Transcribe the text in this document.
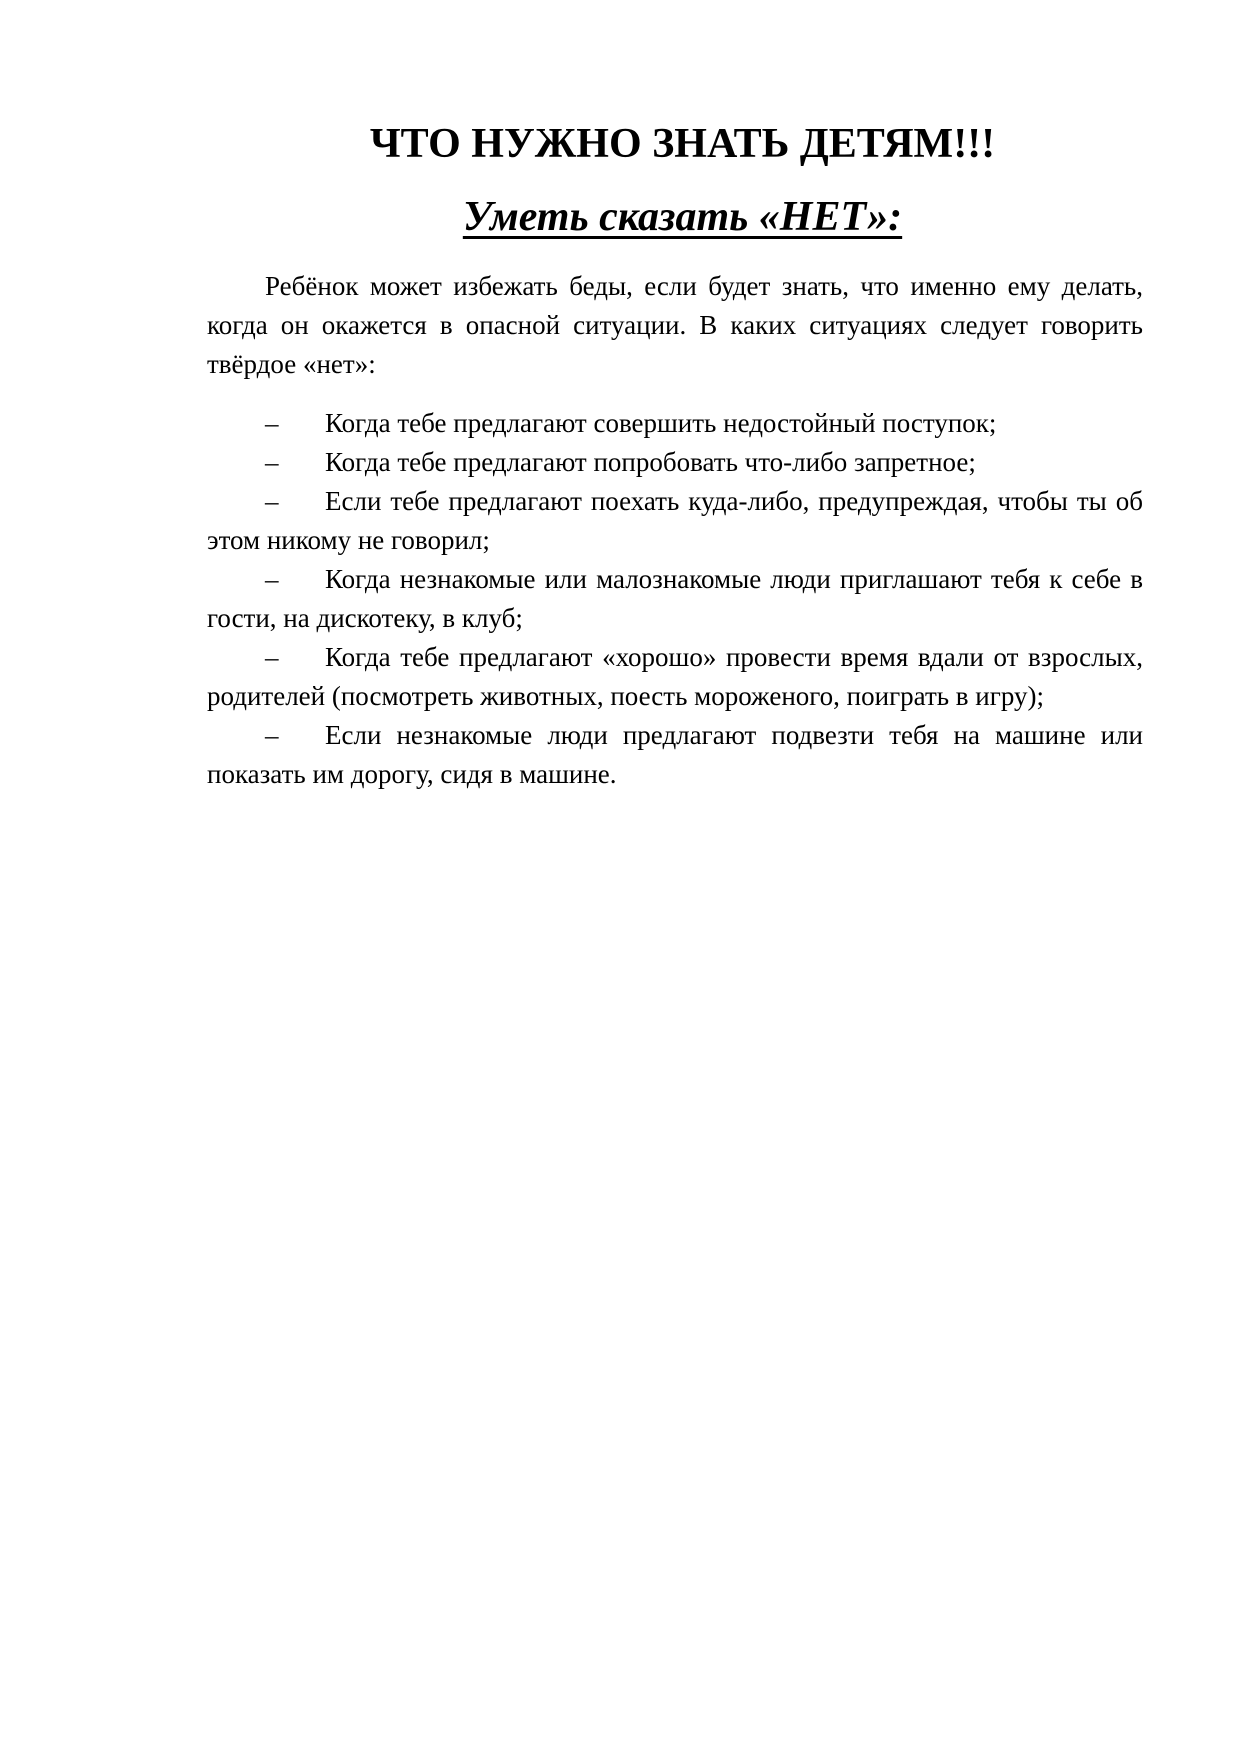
ЧТО НУЖНО ЗНАТЬ ДЕТЯМ!!!
Уметь сказать «НЕТ»:

Ребёнок может избежать беды, если будет знать, что именно ему делать, когда он окажется в опасной ситуации. В каких ситуациях следует говорить твёрдое «нет»:

– Когда тебе предлагают совершить недостойный поступок;
– Когда тебе предлагают попробовать что-либо запретное;
– Если тебе предлагают поехать куда-либо, предупреждая, чтобы ты об этом никому не говорил;
– Когда незнакомые или малознакомые люди приглашают тебя к себе в гости, на дискотеку, в клуб;
– Когда тебе предлагают «хорошо» провести время вдали от взрослых, родителей (посмотреть животных, поесть мороженого, поиграть в игру);
– Если незнакомые люди предлагают подвезти тебя на машине или показать им дорогу, сидя в машине.
